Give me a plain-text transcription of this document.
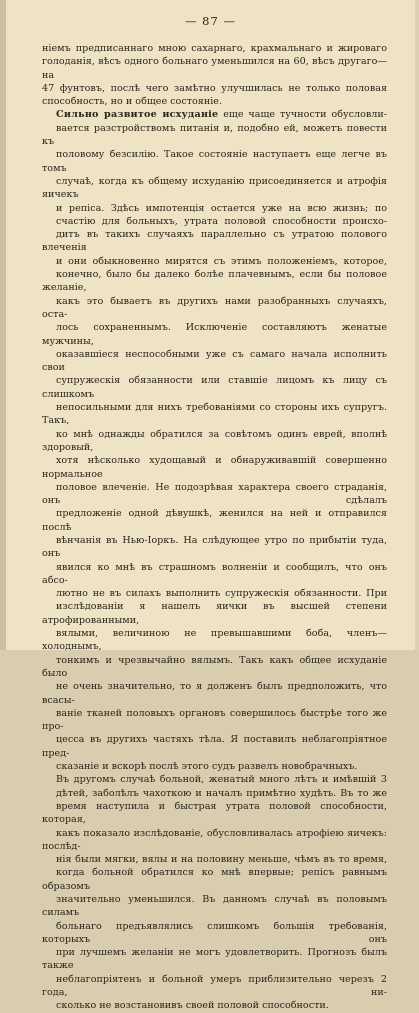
— 87 —

нiемъ предписаннаго мною сахарнаго, крахмальнаго и жироваго
голоданiя, вѣсъ одного больнаго уменьшился на 60, вѣсъ другаго—на
47 фунтовъ, послѣ чего замѣтно улучшилась не только половая
способность, но и общее состоянiе.

Сильно развитое исхуданiе еще чаще тучности обусловли-
вается разстройствомъ питанiя и, подобно ей, можетъ повести къ
половому безсилiю. Такое состоянiе наступаетъ еще легче въ томъ
случаѣ, когда къ общему исхуданiю присоединяется и атрофiя яичекъ
и репiса. Здѣсь импотенцiя остается уже на всю жизнь; по
счастiю для больныхъ, утрата половой способности происхо-
дитъ въ такихъ случаяхъ параллельно съ утратою полового влеченiя
и они обыкновенно мирятся съ этимъ положенiемъ, которое,
конечно, было бы далеко болѣе плачевнымъ, если бы половое желанiе,
какъ это бываетъ въ другихъ нами разобранныхъ случаяхъ, оста-
лось сохраненнымъ. Исключенiе составляютъ женатые мужчины,
оказавшiеся неспособными уже съ самаго начала исполнить свои
супружескiя обязанности или ставшiе лицомъ къ лицу съ слишкомъ
непосильными для нихъ требованiями со стороны ихъ супругъ. Такъ,
ко мнѣ однажды обратился за совѣтомъ одинъ еврей, вполнѣ здоровый,
хотя нѣсколько худощавый и обнаруживавшiй совершенно нормальное
половое влеченiе. Не подозрѣвая характера своего страданiя, онъ сдѣлалъ
предложенiе одной дѣвушкѣ, женился на ней и отправился послѣ
вѣнчанiя въ Нью-Іоркъ. На слѣдующее утро по прибытiи туда, онъ
явился ко мнѣ въ страшномъ волненiи и сообщилъ, что онъ абсо-
лютно не въ силахъ выполнить супружескiя обязанности. При
изслѣдованiи я нашелъ яички въ высшей степени атрофированными,
вялыми, величиною не превышавшими боба, членъ—холоднымъ,
тонкимъ и чрезвычайно вялымъ. Такъ какъ общее исхуданiе было
не очень значительно, то я долженъ былъ предположить, что всасы-
ванiе тканей половыхъ органовъ совершилось быстрѣе того же про-
цесса въ другихъ частяхъ тѣла. Я поставилъ неблагопрiятное пред-
сказанiе и вскорѣ послѣ этого судъ развелъ новобрачныхъ.

Въ другомъ случаѣ больной, женатый много лѣтъ и имѣвшiй 3
дѣтей, заболѣлъ чахоткою и началъ примѣтно худѣть. Въ то же
время наступила и быстрая утрата половой способности, которая,
какъ показало изслѣдованiе, обусловливалась атрофiею яичекъ: послѣд-
нiя были мягки, вялы и на половину меньше, чѣмъ въ то время,
когда больной обратился ко мнѣ впервые; репiсъ равнымъ образомъ
значительно уменьшился. Въ данномъ случаѣ въ половымъ силамъ
больнаго предъявлялись слишкомъ большiя требованiя, которыхъ онъ
при лучшемъ желанiи не могъ удовлетворить. Прогнозъ былъ также
неблагопрiятенъ и больной умеръ приблизительно черезъ 2 года, ни-
сколько не возстановивъ своей половой способности.
